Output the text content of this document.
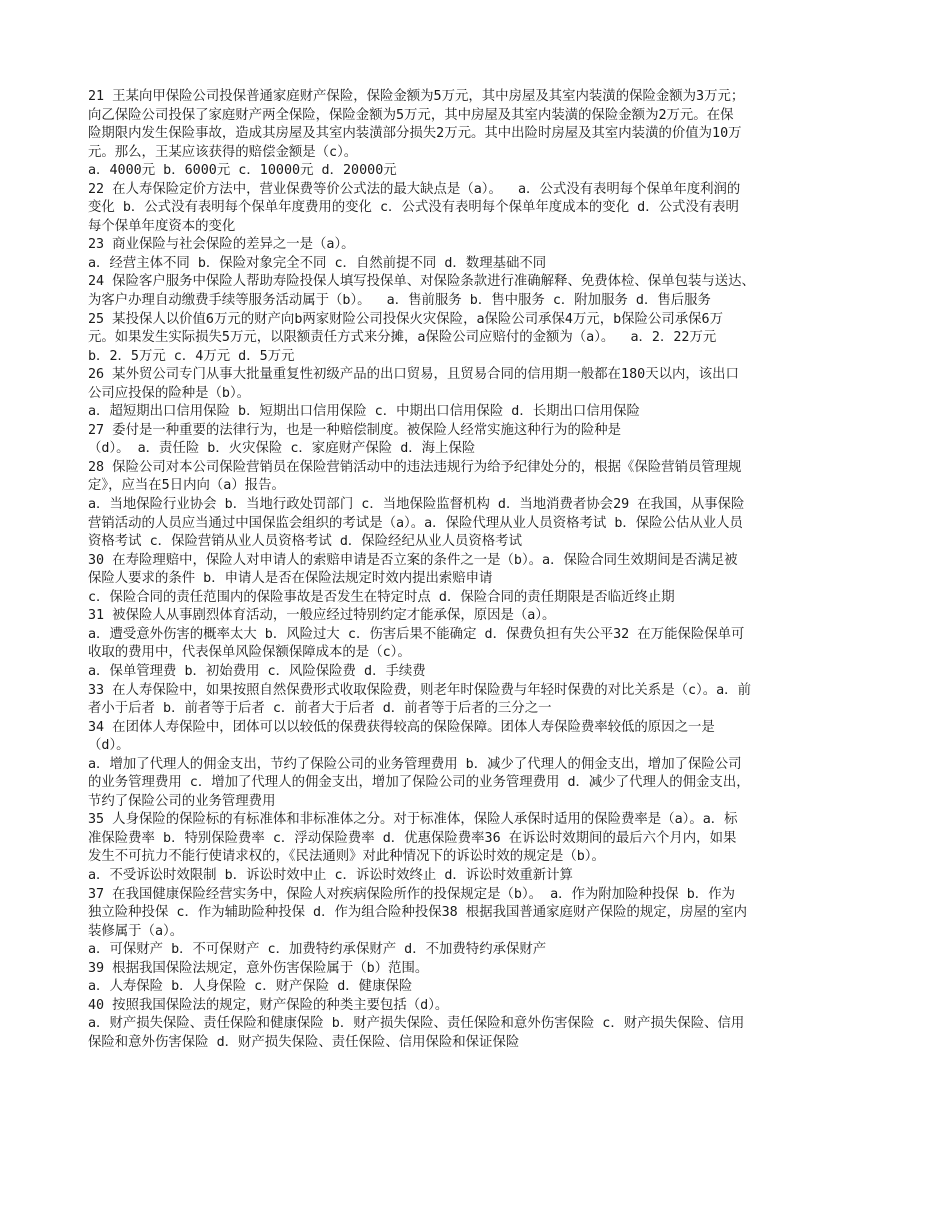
21 王某向甲保险公司投保普通家庭财产保险，保险金额为5万元，其中房屋及其室内装潢的保险金额为3万元；
向乙保险公司投保了家庭财产两全保险，保险金额为5万元，其中房屋及其室内装潢的保险金额为2万元。在保
险期限内发生保险事故，造成其房屋及其室内装潢部分损失2万元。其中出险时房屋及其室内装潢的价值为10万
元。那么，王某应该获得的赔偿金额是（c）。
a．4000元 b．6000元 c．10000元 d．20000元
22 在人寿保险定价方法中，营业保费等价公式法的最大缺点是（a）。  a．公式没有表明每个保单年度利润的
变化 b．公式没有表明每个保单年度费用的变化 c．公式没有表明每个保单年度成本的变化 d．公式没有表明
每个保单年度资本的变化
23 商业保险与社会保险的差异之一是（a）。
a．经营主体不同 b．保险对象完全不同 c．自然前提不同 d．数理基础不同
24 保险客户服务中保险人帮助寿险投保人填写投保单、对保险条款进行准确解释、免费体检、保单包装与送达、
为客户办理自动缴费手续等服务活动属于（b）。  a．售前服务 b．售中服务 c．附加服务 d．售后服务
25 某投保人以价值6万元的财产向b两家财险公司投保火灾保险，a保险公司承保4万元，b保险公司承保6万
元。如果发生实际损失5万元，以限额责任方式来分摊，a保险公司应赔付的金额为（a）。  a．2．22万元
b．2．5万元 c．4万元 d．5万元
26 某外贸公司专门从事大批量重复性初级产品的出口贸易，且贸易合同的信用期一般都在180天以内，该出口
公司应投保的险种是（b）。
a．超短期出口信用保险 b．短期出口信用保险 c．中期出口信用保险 d．长期出口信用保险
27 委付是一种重要的法律行为，也是一种赔偿制度。被保险人经常实施这种行为的险种是
（d）。 a．责任险 b．火灾保险 c．家庭财产保险 d．海上保险
28 保险公司对本公司保险营销员在保险营销活动中的违法违规行为给予纪律处分的，根据《保险营销员管理规
定》，应当在5日内向（a）报告。
a．当地保险行业协会 b．当地行政处罚部门 c．当地保险监督机构 d．当地消费者协会29 在我国，从事保险
营销活动的人员应当通过中国保监会组织的考试是（a）。a．保险代理从业人员资格考试 b．保险公估从业人员
资格考试 c．保险营销从业人员资格考试 d．保险经纪从业人员资格考试
30 在寿险理赔中，保险人对申请人的索赔申请是否立案的条件之一是（b）。a．保险合同生效期间是否满足被
保险人要求的条件 b．申请人是否在保险法规定时效内提出索赔申请
c．保险合同的责任范围内的保险事故是否发生在特定时点 d．保险合同的责任期限是否临近终止期
31 被保险人从事剧烈体育活动，一般应经过特别约定才能承保，原因是（a）。
a．遭受意外伤害的概率太大 b．风险过大 c．伤害后果不能确定 d．保费负担有失公平32 在万能保险保单可
收取的费用中，代表保单风险保额保障成本的是（c）。
a．保单管理费 b．初始费用 c．风险保险费 d．手续费
33 在人寿保险中，如果按照自然保费形式收取保险费，则老年时保险费与年轻时保费的对比关系是（c）。a．前
者小于后者 b．前者等于后者 c．前者大于后者 d．前者等于后者的三分之一
34 在团体人寿保险中，团体可以以较低的保费获得较高的保险保障。团体人寿保险费率较低的原因之一是
（d）。
a．增加了代理人的佣金支出，节约了保险公司的业务管理费用 b．减少了代理人的佣金支出，增加了保险公司
的业务管理费用 c．增加了代理人的佣金支出，增加了保险公司的业务管理费用 d．减少了代理人的佣金支出，
节约了保险公司的业务管理费用
35 人身保险的保险标的有标准体和非标准体之分。对于标准体，保险人承保时适用的保险费率是（a）。a．标
准保险费率 b．特别保险费率 c．浮动保险费率 d．优惠保险费率36 在诉讼时效期间的最后六个月内，如果
发生不可抗力不能行使请求权的，《民法通则》对此种情况下的诉讼时效的规定是（b）。
a．不受诉讼时效限制 b．诉讼时效中止 c．诉讼时效终止 d．诉讼时效重新计算
37 在我国健康保险经营实务中，保险人对疾病保险所作的投保规定是（b）。 a．作为附加险种投保 b．作为
独立险种投保 c．作为辅助险种投保 d．作为组合险种投保38 根据我国普通家庭财产保险的规定，房屋的室内
装修属于（a）。
a．可保财产 b．不可保财产 c．加费特约承保财产 d．不加费特约承保财产
39 根据我国保险法规定，意外伤害保险属于（b）范围。
a．人寿保险 b．人身保险 c．财产保险 d．健康保险
40 按照我国保险法的规定，财产保险的种类主要包括（d）。
a．财产损失保险、责任保险和健康保险 b．财产损失保险、责任保险和意外伤害保险 c．财产损失保险、信用
保险和意外伤害保险 d．财产损失保险、责任保险、信用保险和保证保险
